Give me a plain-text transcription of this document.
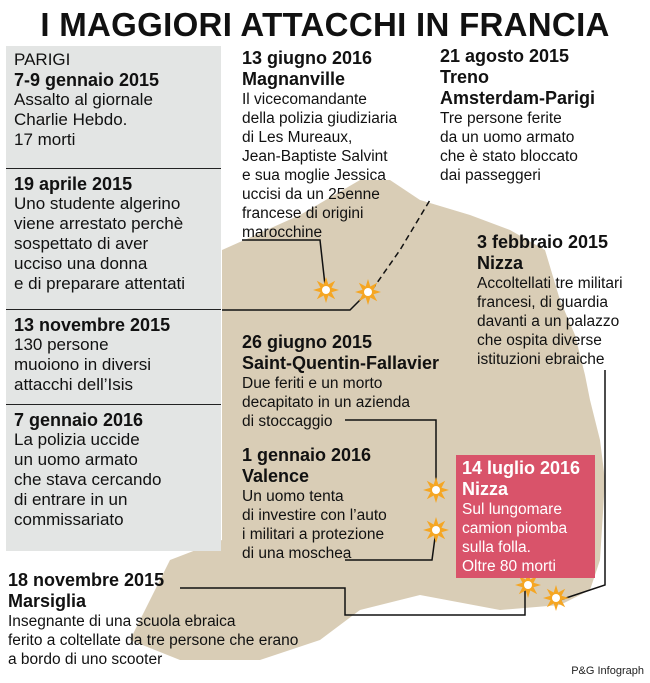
I MAGGIORI ATTACCHI IN FRANCIA
PARIGI
7-9 gennaio 2015
Assalto al giornale
Charlie Hebdo.
17 morti
19 aprile 2015
Uno studente algerino
viene arrestato perchè
sospettato di aver
ucciso una donna
e di preparare attentati
13 novembre 2015
130 persone
muoiono in diversi
attacchi dell’Isis
7 gennaio 2016
La polizia uccide
un uomo armato
che stava cercando
di entrare in un
commissariato
13 giugno 2016
Magnanville
Il vicecomandante
della polizia giudiziaria
di Les Mureaux,
Jean-Baptiste Salvint
e sua moglie Jessica
uccisi da un 25enne
francese di origini
marocchine
21 agosto 2015
Treno
Amsterdam-Parigi
Tre persone ferite
da un uomo armato
che è stato bloccato
dai passeggeri
3 febbraio 2015
Nizza
Accoltellati tre militari
francesi, di guardia
davanti a un palazzo
che ospita diverse
istituzioni ebraiche
26 giugno 2015
Saint-Quentin-Fallavier
Due feriti e un morto
decapitato in un azienda
di stoccaggio
1 gennaio 2016
Valence
Un uomo tenta
di investire con l’auto
i militari a protezione
di una moschea
14 luglio 2016
Nizza
Sul lungomare
camion piomba
sulla folla.
Oltre 80 morti
18 novembre 2015
Marsiglia
Insegnante di una scuola ebraica
ferito a coltellate da tre persone che erano
a bordo di uno scooter
P&G Infograph
